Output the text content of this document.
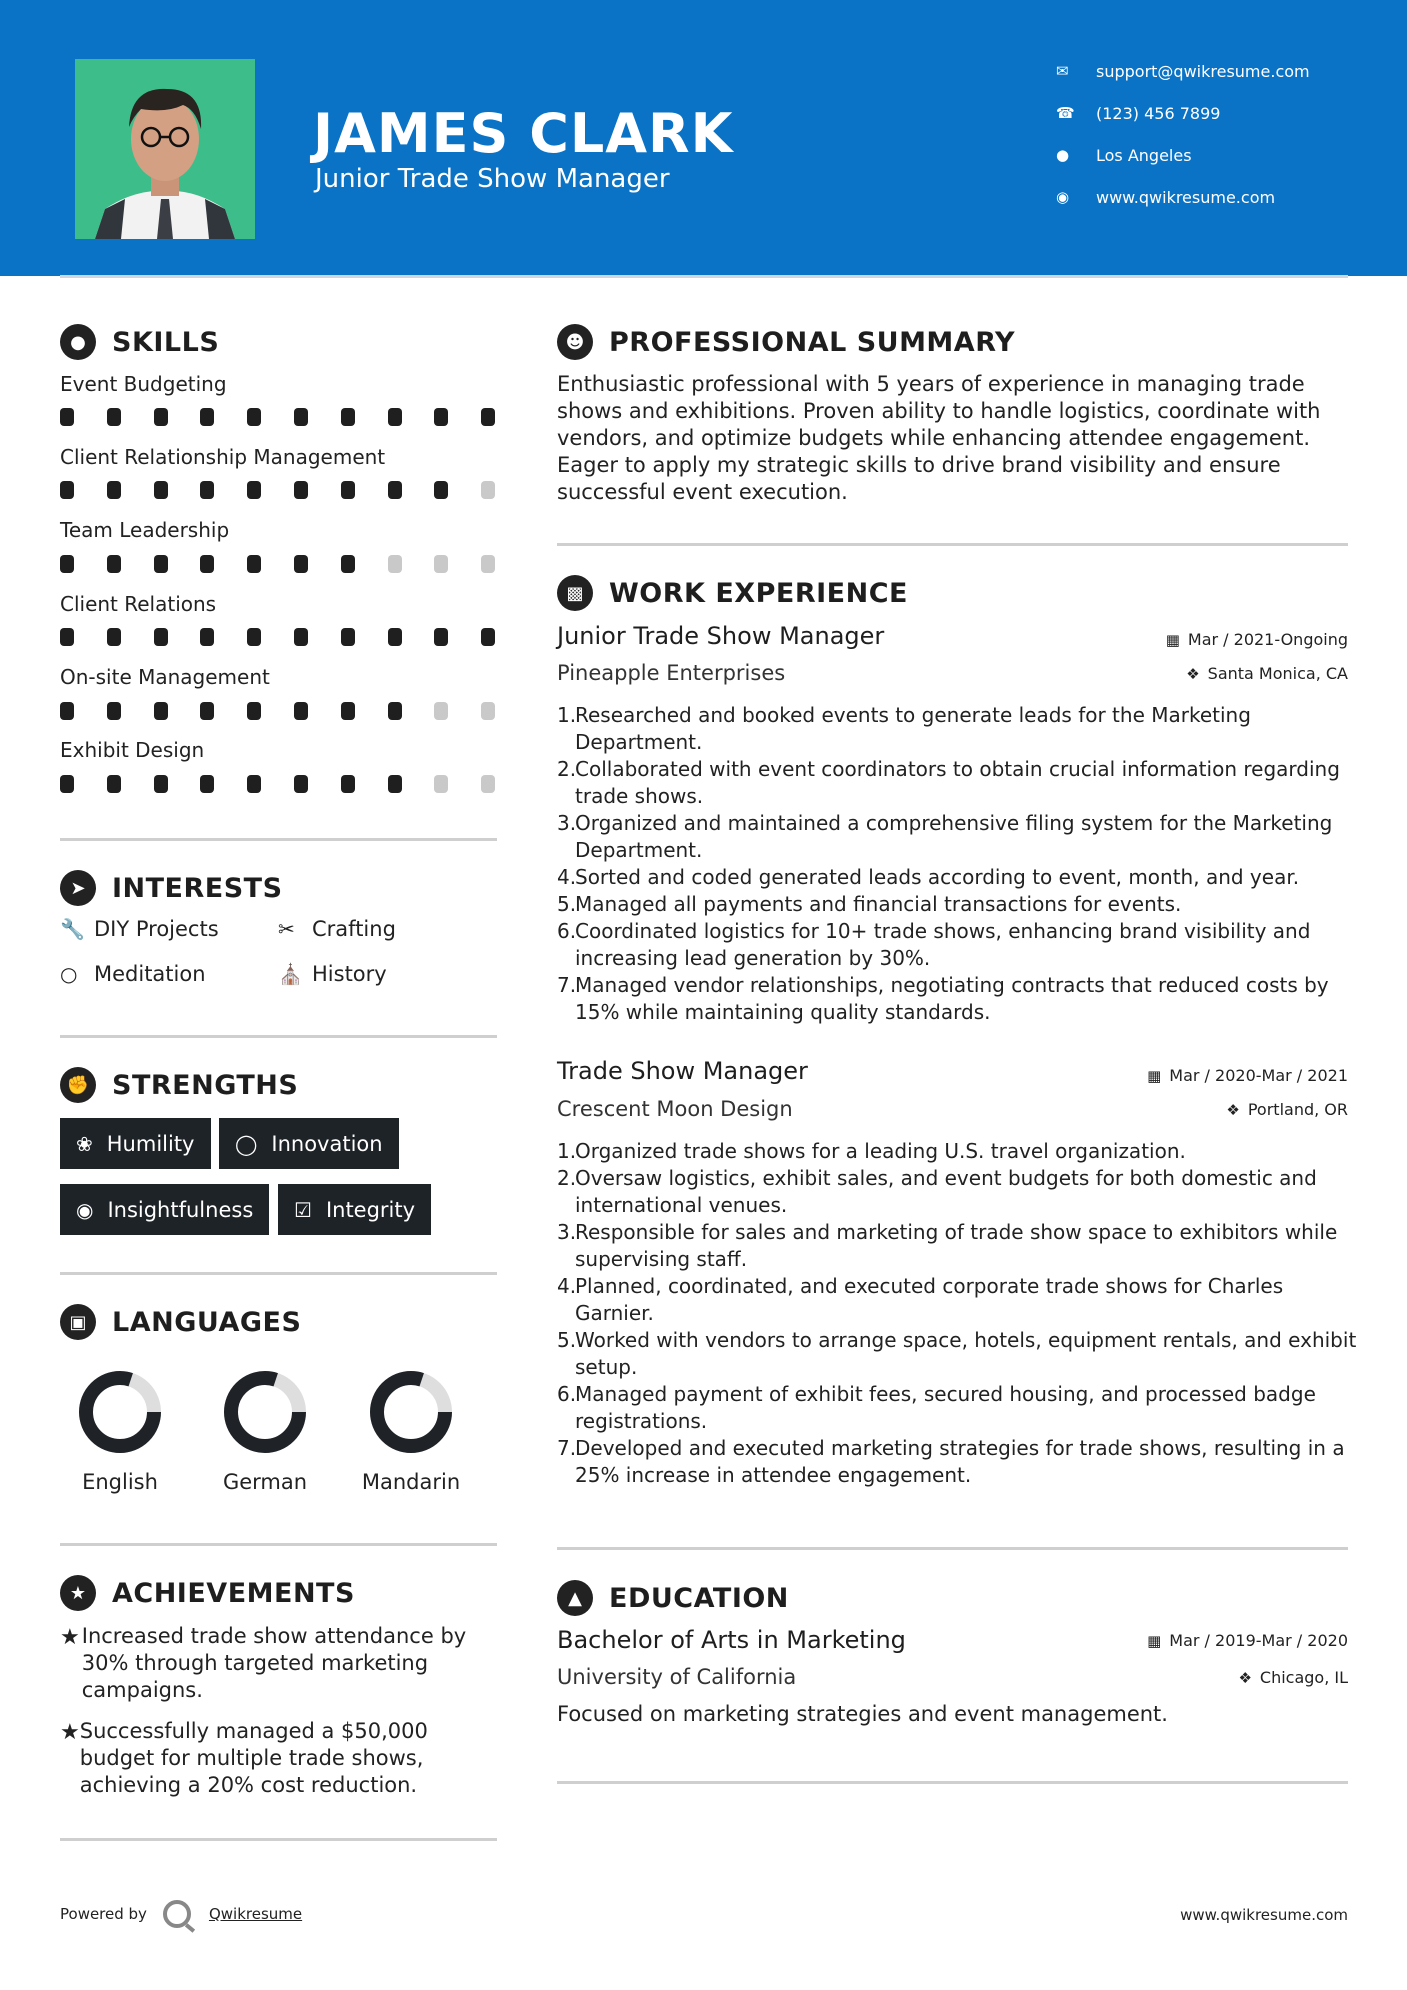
JAMES CLARK
Junior Trade Show Manager
✉	support@qwikresume.com
☎	(123) 456 7899
●	Los Angeles
◉	www.qwikresume.com
● SKILLS
Event Budgeting
Client Relationship Management
Team Leadership
Client Relations
On-site Management
Exhibit Design
➤ INTERESTS
🔧 DIY Projects	✂ Crafting
○ Meditation	⛪ History
✊ STRENGTHS
❀ Humility ◯ Innovation
◉ Insightfulness ☑ Integrity
▣ LANGUAGES
English	German	Mandarin
★ ACHIEVEMENTS
★ Increased trade show attendance by 30% through targeted marketing campaigns.
★ Successfully managed a $50,000 budget for multiple trade shows, achieving a 20% cost reduction.
☻ PROFESSIONAL SUMMARY
Enthusiastic professional with 5 years of experience in managing trade shows and exhibitions. Proven ability to handle logistics, coordinate with vendors, and optimize budgets while enhancing attendee engagement. Eager to apply my strategic skills to drive brand visibility and ensure successful event execution.
▩ WORK EXPERIENCE
Junior Trade Show Manager	▦ Mar / 2021-Ongoing
Pineapple Enterprises	❖ Santa Monica, CA
1.
Researched and booked events to generate leads for the Marketing Department.
2.
Collaborated with event coordinators to obtain crucial information regarding trade shows.
3.
Organized and maintained a comprehensive filing system for the Marketing Department.
4.
Sorted and coded generated leads according to event, month, and year.
5.
Managed all payments and financial transactions for events.
6.
Coordinated logistics for 10+ trade shows, enhancing brand visibility and increasing lead generation by 30%.
7.
Managed vendor relationships, negotiating contracts that reduced costs by 15% while maintaining quality standards.
Trade Show Manager	▦ Mar / 2020-Mar / 2021
Crescent Moon Design	❖ Portland, OR
1.
Organized trade shows for a leading U.S. travel organization.
2.
Oversaw logistics, exhibit sales, and event budgets for both domestic and international venues.
3.
Responsible for sales and marketing of trade show space to exhibitors while supervising staff.
4.
Planned, coordinated, and executed corporate trade shows for Charles Garnier.
5.
Worked with vendors to arrange space, hotels, equipment rentals, and exhibit setup.
6.
Managed payment of exhibit fees, secured housing, and processed badge registrations.
7.
Developed and executed marketing strategies for trade shows, resulting in a 25% increase in attendee engagement.
▲	EDUCATION
Bachelor of Arts in Marketing	▦ Mar / 2019-Mar / 2020
University of California	❖ Chicago, IL
Focused on marketing strategies and event management.
Powered by	Qwikresume	www.qwikresume.com
